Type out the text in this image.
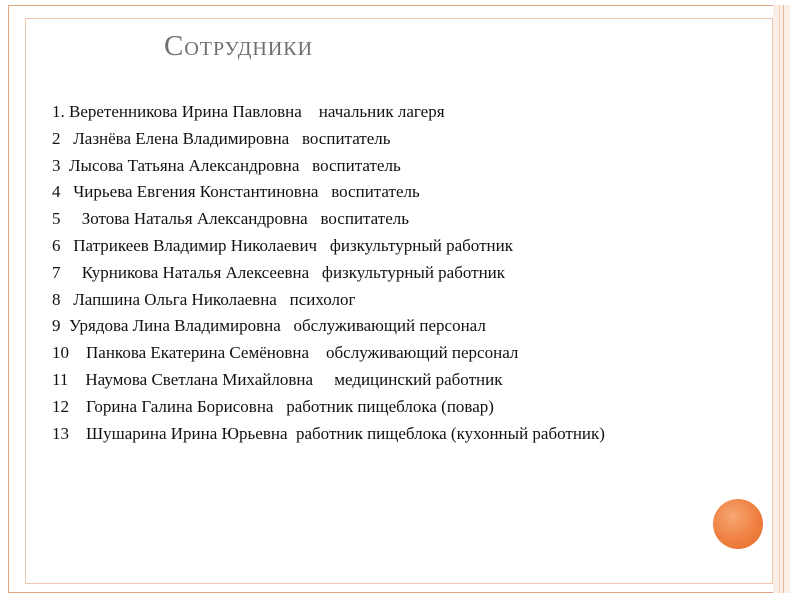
Сотрудники
1. Веретенникова Ирина Павловна    начальник лагеря
2   Лазнёва Елена Владимировна   воспитатель
3  Лысова Татьяна Александровна   воспитатель
4   Чирьева Евгения Константиновна   воспитатель
5     Зотова Наталья Александровна   воспитатель
6   Патрикеев Владимир Николаевич   физкультурный работник
7     Курникова Наталья Алексеевна   физкультурный работник
8   Лапшина Ольга Николаевна   психолог
9  Урядова Лина Владимировна   обслуживающий персонал
10    Панкова Екатерина Семёновна    обслуживающий персонал
11    Наумова Светлана Михайловна     медицинский работник
12    Горина Галина Борисовна   работник пищеблока (повар)
13    Шушарина Ирина Юрьевна  работник пищеблока (кухонный работник)
